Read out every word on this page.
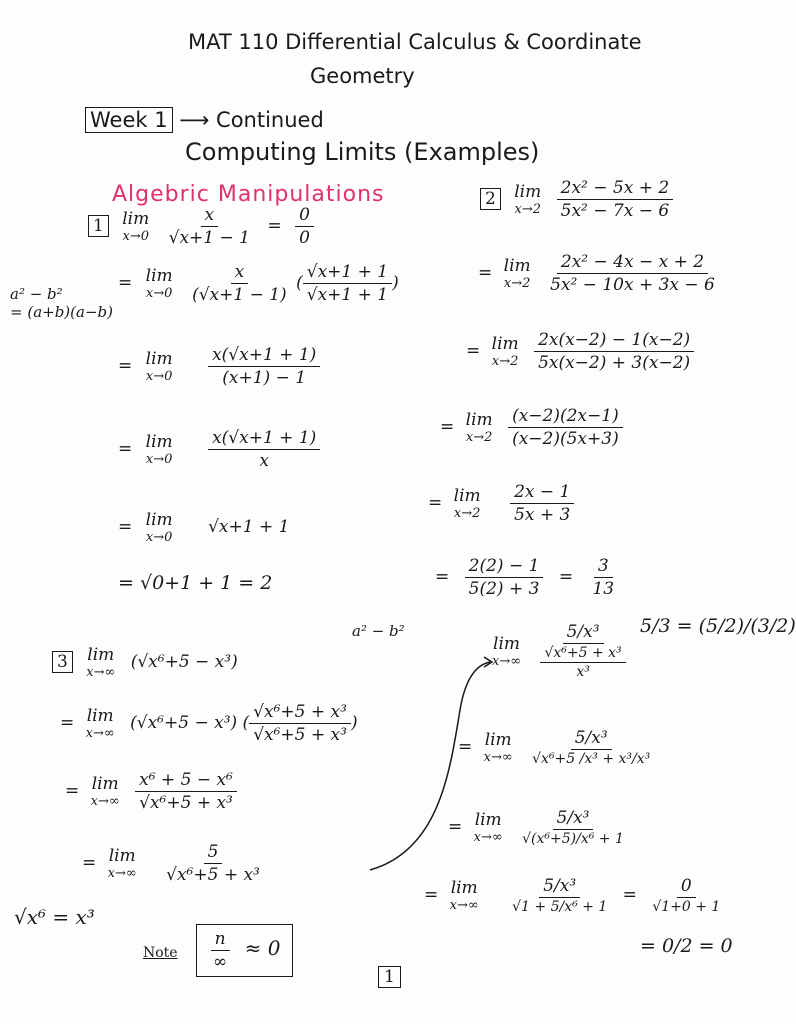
MAT 110 Differential Calculus & Coordinate
Geometry
Week 1 ⟶ Continued
Computing Limits (Examples)
Algebric Manipulations
1 lim
x→0
$\frac{x}{√x+1 - 1} = \frac{0}{0}$
a² − b²
= (a+b)(a−b)
= lim
x→0
$\frac{x}{(√x+1 - 1)}$ ( $\frac{√x+1 + 1}{√x+1 + 1}$ )
= lim
x→0
$\frac{x(√x+1 + 1)}{(x+1) - 1}$
= lim
x→0
$\frac{x(√x+1 + 1)}{x}$
= lim
x→0
√x+1 + 1
= √0+1 + 1 = 2
2 lim
x→2
$\frac{\text{2x² − 5x + 2}}{\text{5x² − 7x − 6}}$
= lim
x→2
$\frac{\text{2x² − 4x − x + 2}}{\text{5x² − 10x + 3x − 6}}$
= lim
x→2
$\frac{2x(x-2) - 1(x-2)}{5x(x-2) + 3(x-2)}$
= lim
x→2
$\frac{(x-2)(2x-1)}{(x-2)(5x+3)}$
= lim
x→2
$\frac{2x - 1}{5x + 3}$
= $\frac{2(2) - 1}{5(2) + 3} = \frac{3}{13}$
a² − b²
3 lim
x→∞
(√x⁶+5 − x³)
= lim
x→∞
(√x⁶+5 − x³) ( $\frac{\text{√x⁶+5 + x³}}{\text{√x⁶+5 + x³}}$ )
= lim
x→∞
$\frac{\text{x⁶ + 5 − x⁶}}{\text{√x⁶+5 + x³}}$
= lim
x→∞
$\frac{5}{\text{√x⁶+5 + x³}}$
√x⁶ = x³
5/3 = (5/2)/(3/2)
lim
x→∞
$\frac{\text{5/x³}}{\frac{\text{√x⁶+5 + x³}}{\text{x³}}}$
= lim
x→∞
$\frac{\text{5/x³}}{\text{√x⁶+5 /x³ + x³/x³}}$
= lim
x→∞
$\frac{\text{5/x³}}{\text{√(x⁶+5)/x⁶ + 1}}$
= lim
x→∞
$\frac{\text{5/x³}}{\text{√1 + 5/x⁶ + 1}} = \frac{0}{√1+0 + 1}$
= 0/2 = 0
Note $\frac{n}{\infty} \approx 0$
1
